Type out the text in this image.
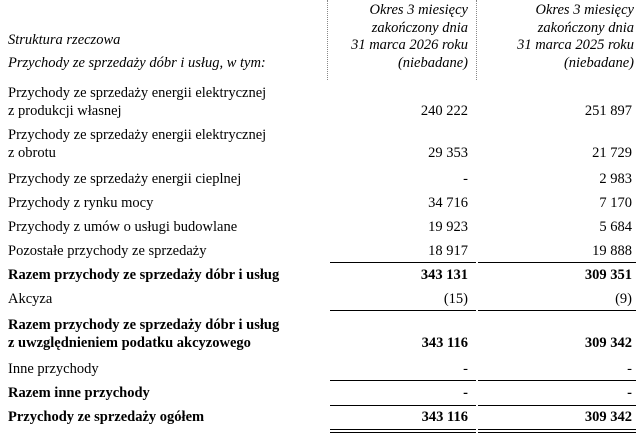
Struktura rzeczowa
Przychody ze sprzedaży dóbr i usług, w tym:
Okres 3 miesięcy
zakończony dnia
31 marca 2026 roku
(niebadane)
Okres 3 miesięcy
zakończony dnia
31 marca 2025 roku
(niebadane)
Przychody ze sprzedaży energii elektrycznej
z produkcji własnej	240 222	251 897
Przychody ze sprzedaży energii elektrycznej
z obrotu	29 353	21 729
Przychody ze sprzedaży energii cieplnej	-	2 983
Przychody z rynku mocy	34 716	7 170
Przychody z umów o usługi budowlane	19 923	5 684
Pozostałe przychody ze sprzedaży	18 917	19 888
Razem przychody ze sprzedaży dóbr i usług	343 131	309 351
Akcyza	(15)	(9)
Razem przychody ze sprzedaży dóbr i usług
z uwzględnieniem podatku akcyzowego	343 116	309 342
Inne przychody	-	-
Razem inne przychody	-	-
Przychody ze sprzedaży ogółem	343 116	309 342
